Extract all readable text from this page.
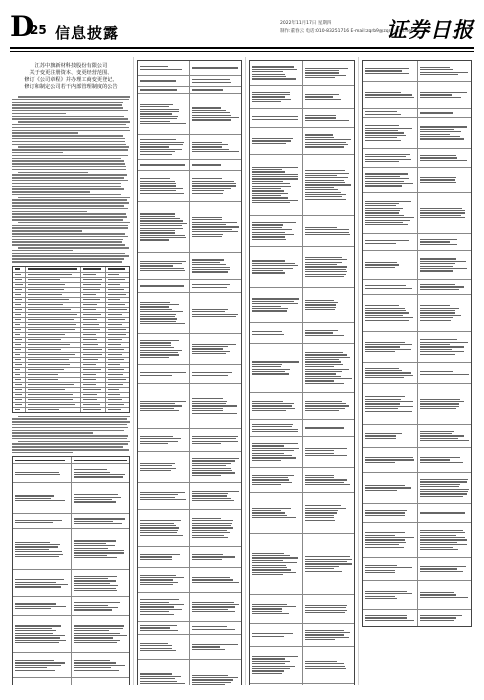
D
25 信息披露
2022年11月17日 星期四
制作:董春云 电话:010-83251716 E-mail:zqrb9@zqrb.sina.net
证券日报
江苏中旗新材科技股份有限公司
关于变更注册资本、变更经营范围、
修订《公司章程》并办理工商变更登记、
修订和制定公司若干内部管理制度的公告
